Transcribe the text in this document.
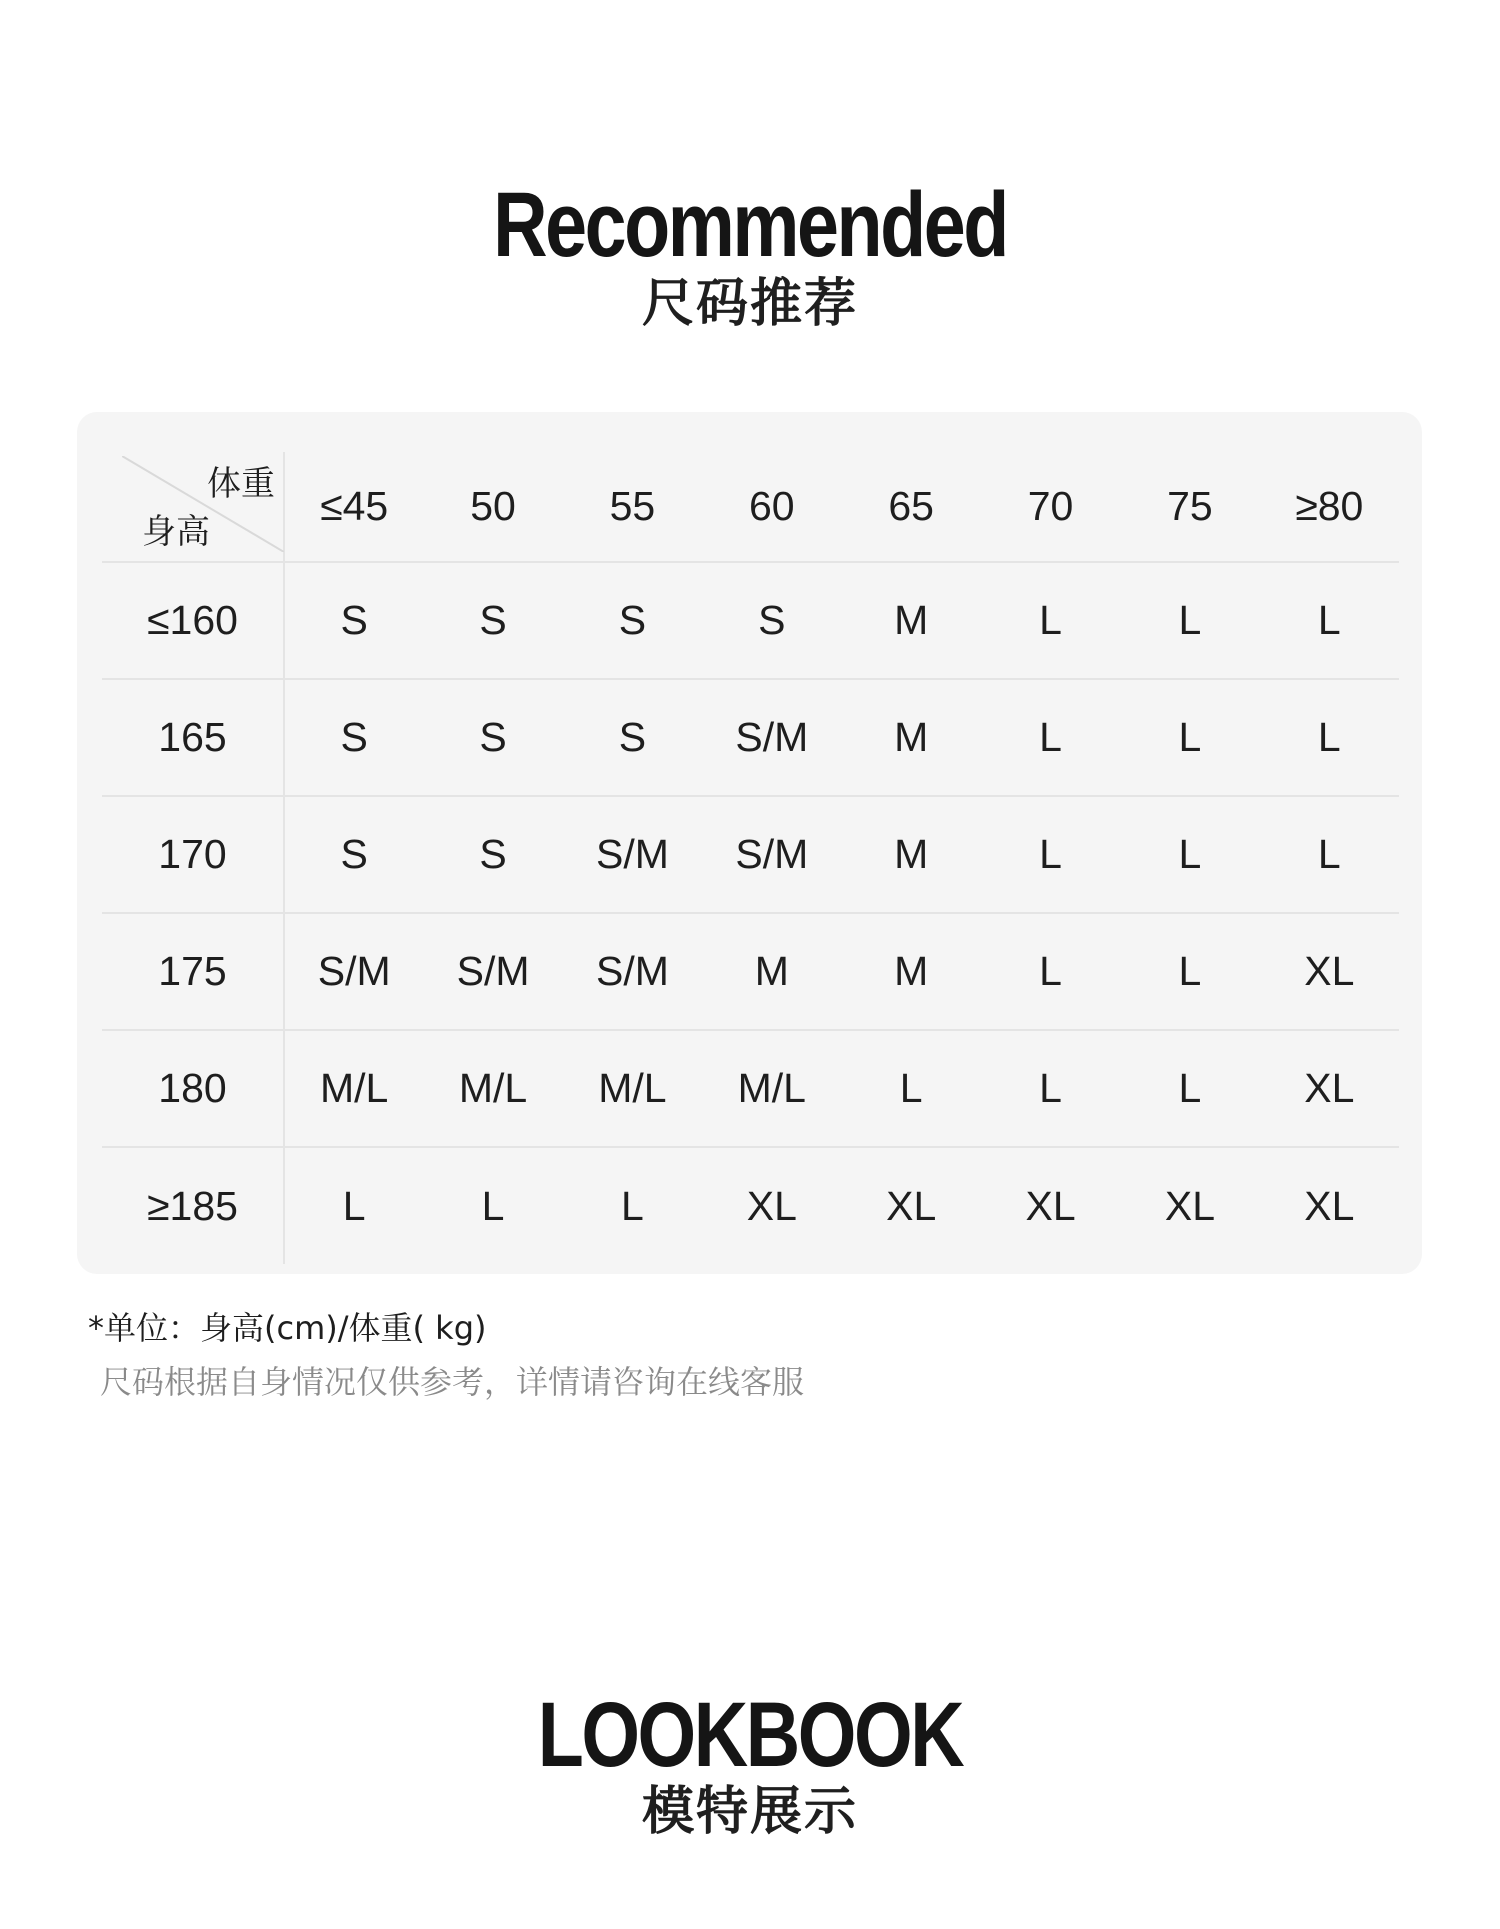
Recommended
尺码推荐
体重
身高	≤45	50	55	60	65	70	75	≥80
≤160	S	S	S	S	M	L	L	L
165	S	S	S	S/M	M	L	L	L
170	S	S	S/M	S/M	M	L	L	L
175	S/M	S/M	S/M	M	M	L	L	XL
180	M/L	M/L	M/L	M/L	L	L	L	XL
≥185	L	L	L	XL	XL	XL	XL	XL

*单位：身高(cm)/体重( kg)

尺码根据自身情况仅供参考，详情请咨询在线客服

LOOKBOOK
模特展示
